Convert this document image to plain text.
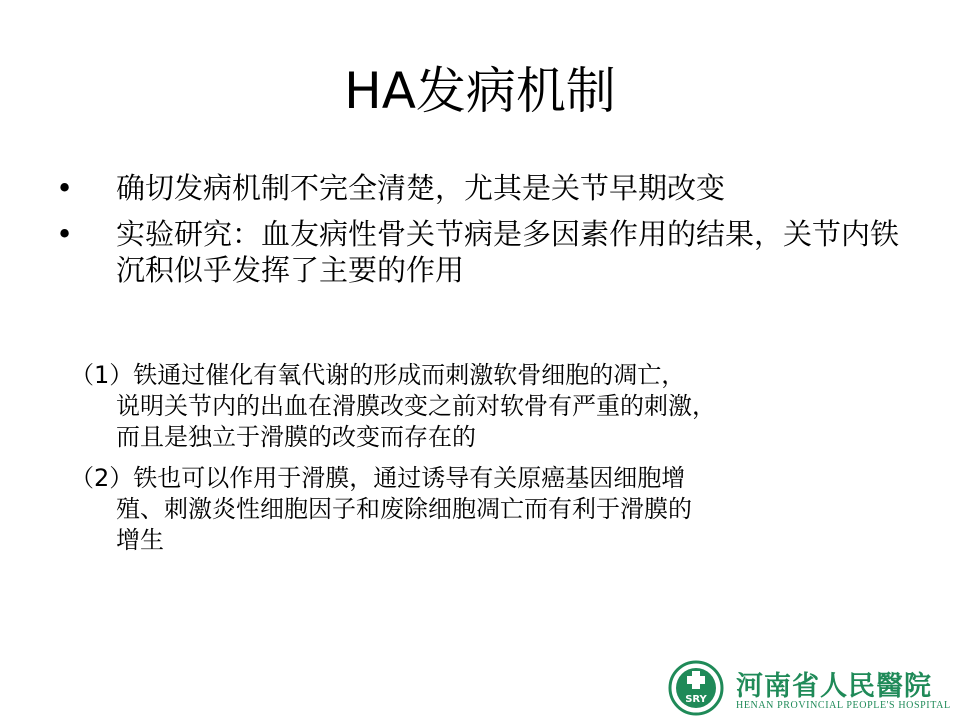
HA发病机制
•	确切发病机制不完全清楚，尤其是关节早期改变
•	实验研究：血友病性骨关节病是多因素作用的结果，关节内铁沉积似乎发挥了主要的作用
（1）铁通过催化有氧代谢的形成而刺激软骨细胞的凋亡，
说明关节内的出血在滑膜改变之前对软骨有严重的刺激，
而且是独立于滑膜的改变而存在的
（2）铁也可以作用于滑膜，通过诱导有关原癌基因细胞增
殖、刺激炎性细胞因子和废除细胞凋亡而有利于滑膜的
增生
SRY 河南省人民醫院
HENAN PROVINCIAL PEOPLE'S HOSPITAL
